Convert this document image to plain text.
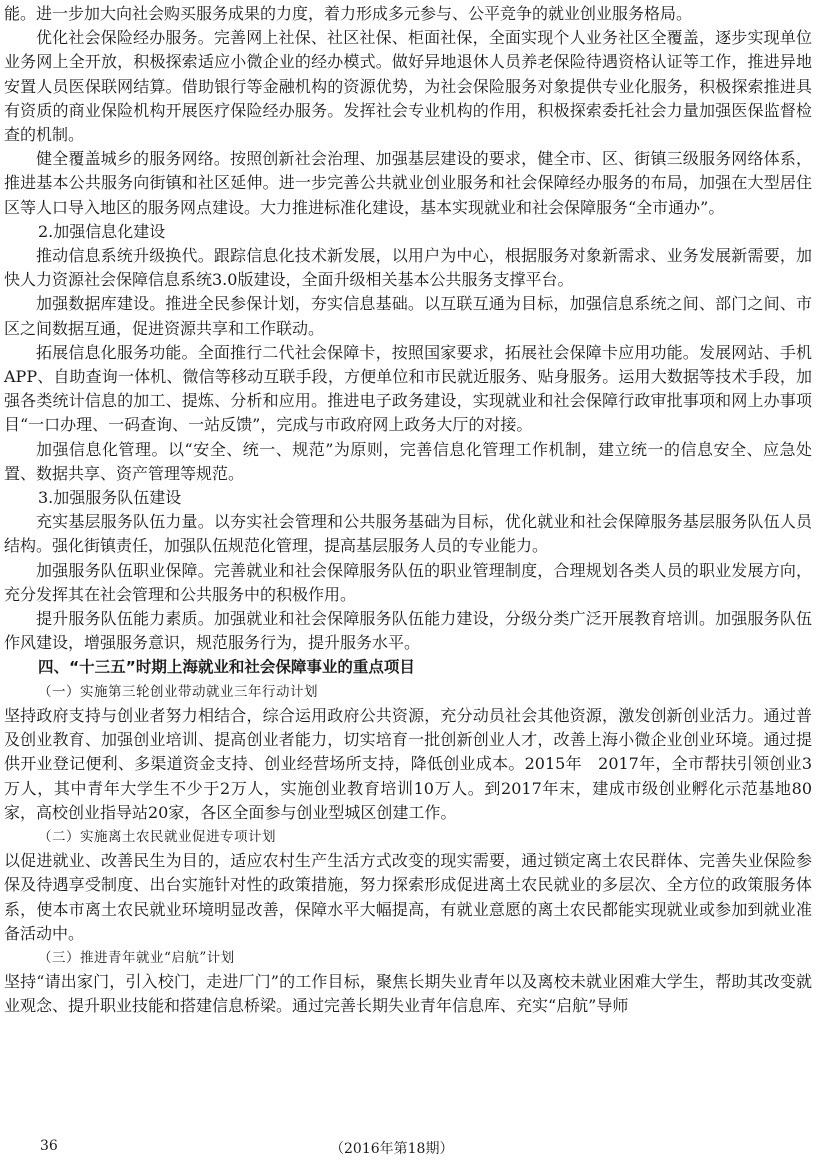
能。进一步加大向社会购买服务成果的力度，着力形成多元参与、公平竞争的就业创业服务格局。

优化社会保险经办服务。完善网上社保、社区社保、柜面社保，全面实现个人业务社区全覆盖，逐步实现单位业务网上全开放，积极探索适应小微企业的经办模式。做好异地退休人员养老保险待遇资格认证等工作，推进异地安置人员医保联网结算。借助银行等金融机构的资源优势，为社会保险服务对象提供专业化服务，积极探索推进具有资质的商业保险机构开展医疗保险经办服务。发挥社会专业机构的作用，积极探索委托社会力量加强医保监督检查的机制。

健全覆盖城乡的服务网络。按照创新社会治理、加强基层建设的要求，健全市、区、街镇三级服务网络体系，推进基本公共服务向街镇和社区延伸。进一步完善公共就业创业服务和社会保障经办服务的布局，加强在大型居住区等人口导入地区的服务网点建设。大力推进标准化建设，基本实现就业和社会保障服务“全市通办”。

2.加强信息化建设

推动信息系统升级换代。跟踪信息化技术新发展，以用户为中心，根据服务对象新需求、业务发展新需要，加快人力资源社会保障信息系统3.0版建设，全面升级相关基本公共服务支撑平台。

加强数据库建设。推进全民参保计划，夯实信息基础。以互联互通为目标，加强信息系统之间、部门之间、市区之间数据互通，促进资源共享和工作联动。

拓展信息化服务功能。全面推行二代社会保障卡，按照国家要求，拓展社会保障卡应用功能。发展网站、手机APP、自助查询一体机、微信等移动互联手段，方便单位和市民就近服务、贴身服务。运用大数据等技术手段，加强各类统计信息的加工、提炼、分析和应用。推进电子政务建设，实现就业和社会保障行政审批事项和网上办事项目“一口办理、一码查询、一站反馈”，完成与市政府网上政务大厅的对接。

加强信息化管理。以“安全、统一、规范”为原则，完善信息化管理工作机制，建立统一的信息安全、应急处置、数据共享、资产管理等规范。

3.加强服务队伍建设

充实基层服务队伍力量。以夯实社会管理和公共服务基础为目标，优化就业和社会保障服务基层服务队伍人员结构。强化街镇责任，加强队伍规范化管理，提高基层服务人员的专业能力。

加强服务队伍职业保障。完善就业和社会保障服务队伍的职业管理制度，合理规划各类人员的职业发展方向，充分发挥其在社会管理和公共服务中的积极作用。

提升服务队伍能力素质。加强就业和社会保障服务队伍能力建设，分级分类广泛开展教育培训。加强服务队伍作风建设，增强服务意识，规范服务行为，提升服务水平。

四、“十三五”时期上海就业和社会保障事业的重点项目

（一）实施第三轮创业带动就业三年行动计划

坚持政府支持与创业者努力相结合，综合运用政府公共资源，充分动员社会其他资源，激发创新创业活力。通过普及创业教育、加强创业培训、提高创业者能力，切实培育一批创新创业人才，改善上海小微企业创业环境。通过提供开业登记便利、多渠道资金支持、创业经营场所支持，降低创业成本。2015年　2017年，全市帮扶引领创业3万人，其中青年大学生不少于2万人，实施创业教育培训10万人。到2017年末，建成市级创业孵化示范基地80家，高校创业指导站20家，各区全面参与创业型城区创建工作。

（二）实施离土农民就业促进专项计划

以促进就业、改善民生为目的，适应农村生产生活方式改变的现实需要，通过锁定离土农民群体、完善失业保险参保及待遇享受制度、出台实施针对性的政策措施，努力探索形成促进离土农民就业的多层次、全方位的政策服务体系，使本市离土农民就业环境明显改善，保障水平大幅提高，有就业意愿的离土农民都能实现就业或参加到就业准备活动中。

（三）推进青年就业“启航”计划

坚持“请出家门，引入校门，走进厂门”的工作目标，聚焦长期失业青年以及离校未就业困难大学生，帮助其改变就业观念、提升职业技能和搭建信息桥梁。通过完善长期失业青年信息库、充实“启航”导师

36	（2016年第18期）
